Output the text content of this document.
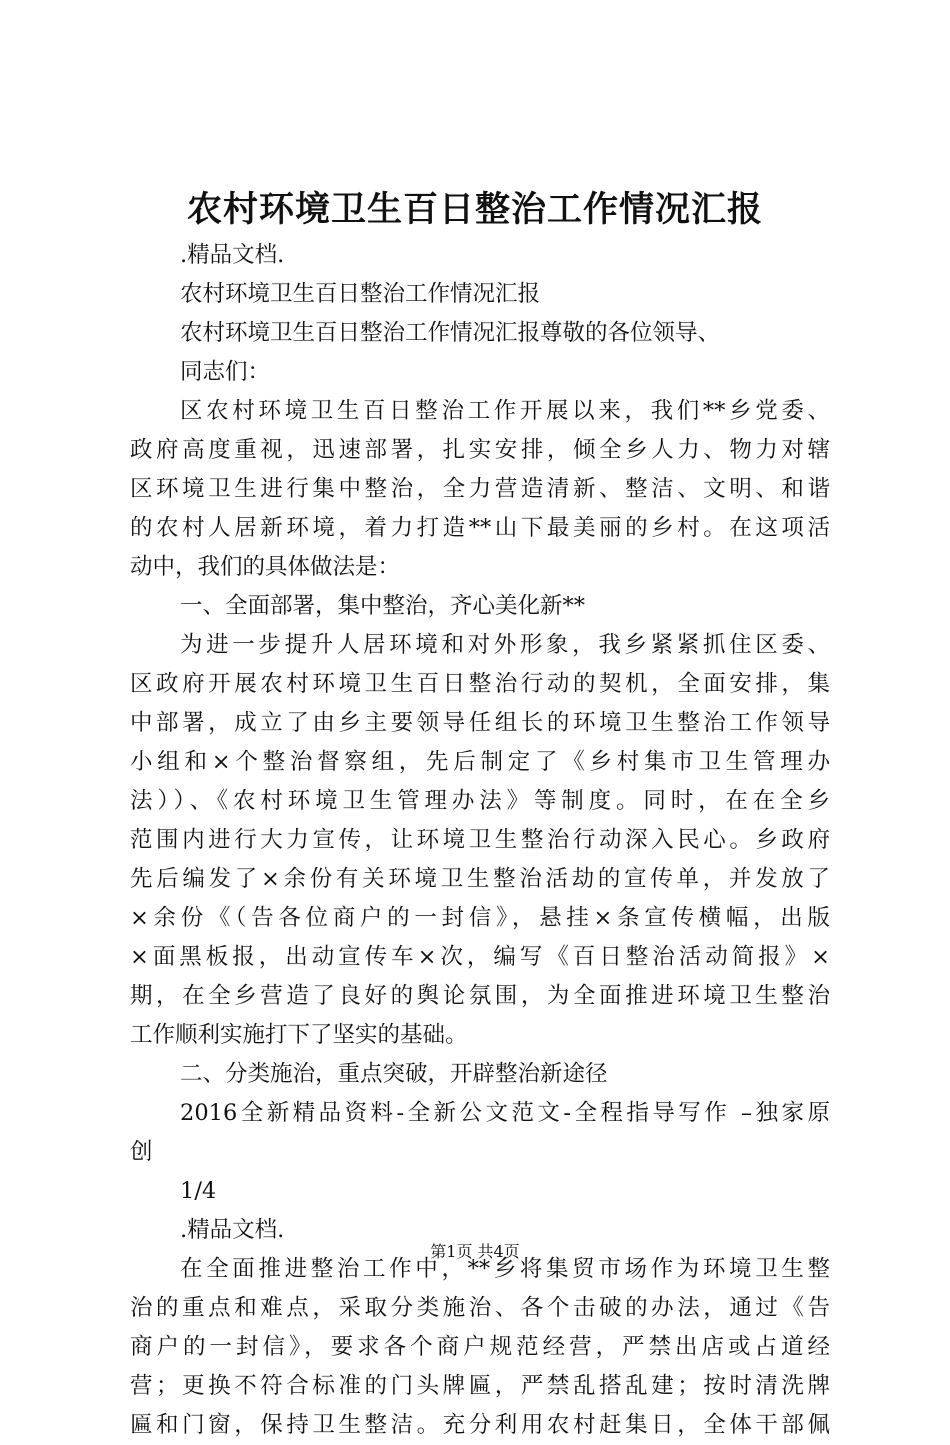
农村环境卫生百日整治工作情况汇报
.精品文档.
农村环境卫生百日整治工作情况汇报
农村环境卫生百日整治工作情况汇报尊敬的各位领导、
同志们：
区农村环境卫生百日整治工作开展以来，我们**乡党委、
政府高度重视，迅速部署，扎实安排，倾全乡人力、物力对辖
区环境卫生进行集中整治，全力营造清新、整洁、文明、和谐
的农村人居新环境，着力打造**山下最美丽的乡村。在这项活
动中，我们的具体做法是：
一、全面部署，集中整治，齐心美化新**
为进一步提升人居环境和对外形象，我乡紧紧抓住区委、
区政府开展农村环境卫生百日整治行动的契机，全面安排，集
中部署，成立了由乡主要领导任组长的环境卫生整治工作领导
小组和×个整治督察组，先后制定了《乡村集市卫生管理办
法））、《农村环境卫生管理办法》等制度。同时，在在全乡
范围内进行大力宣传，让环境卫生整治行动深入民心。乡政府
先后编发了×余份有关环境卫生整治活劫的宣传单，并发放了
×余份《（告各位商户的一封信》，悬挂×条宣传横幅，出版
×面黑板报，出动宣传车×次，编写《百日整治活动简报》×
期，在全乡营造了良好的舆论氛围，为全面推进环境卫生整治
工作顺利实施打下了坚实的基础。
二、分类施治，重点突破，开辟整治新途径
2016全新精品资料-全新公文范文-全程指导写作 –独家原
创
1/4
.精品文档.
在全面推进整治工作中，**乡将集贸市场作为环境卫生整
治的重点和难点，采取分类施治、各个击破的办法，通过《告
商户的一封信》，要求各个商户规范经营，严禁出店或占道经
营；更换不符合标准的门头牌匾，严禁乱搭乱建；按时清洗牌
匾和门窗，保持卫生整洁。充分利用农村赶集日，全体干部佩
第1页 共4页
